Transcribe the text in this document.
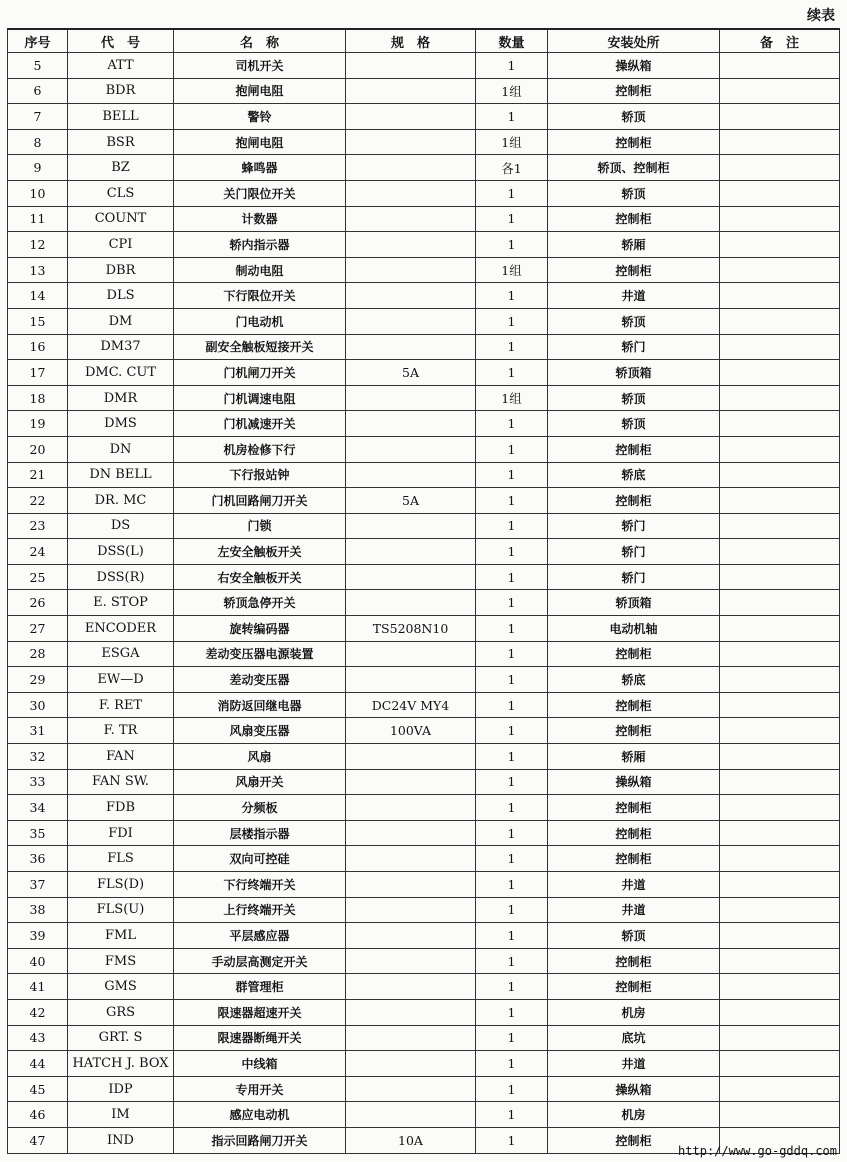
续表
序号	代　号	名　称	规　格	数量	安装处所	备　注
5	ATT	司机开关		1	操纵箱	
6	BDR	抱闸电阻		1组	控制柜	
7	BELL	警铃		1	轿顶	
8	BSR	抱闸电阻		1组	控制柜	
9	BZ	蜂鸣器		各1	轿顶、控制柜	
10	CLS	关门限位开关		1	轿顶	
11	COUNT	计数器		1	控制柜	
12	CPI	轿内指示器		1	轿厢	
13	DBR	制动电阻		1组	控制柜	
14	DLS	下行限位开关		1	井道	
15	DM	门电动机		1	轿顶	
16	DM37	副安全触板短接开关		1	轿门	
17	DMC. CUT	门机闸刀开关	5A	1	轿顶箱	
18	DMR	门机调速电阻		1组	轿顶	
19	DMS	门机减速开关		1	轿顶	
20	DN	机房检修下行		1	控制柜	
21	DN BELL	下行报站钟		1	轿底	
22	DR. MC	门机回路闸刀开关	5A	1	控制柜	
23	DS	门锁		1	轿门	
24	DSS(L)	左安全触板开关		1	轿门	
25	DSS(R)	右安全触板开关		1	轿门	
26	E. STOP	轿顶急停开关		1	轿顶箱	
27	ENCODER	旋转编码器	TS5208N10	1	电动机轴	
28	ESGA	差动变压器电源装置		1	控制柜	
29	EW—D	差动变压器		1	轿底	
30	F. RET	消防返回继电器	DC24V MY4	1	控制柜	
31	F. TR	风扇变压器	100VA	1	控制柜	
32	FAN	风扇		1	轿厢	
33	FAN SW.	风扇开关		1	操纵箱	
34	FDB	分频板		1	控制柜	
35	FDI	层楼指示器		1	控制柜	
36	FLS	双向可控硅		1	控制柜	
37	FLS(D)	下行终端开关		1	井道	
38	FLS(U)	上行终端开关		1	井道	
39	FML	平层感应器		1	轿顶	
40	FMS	手动层高测定开关		1	控制柜	
41	GMS	群管理柜		1	控制柜	
42	GRS	限速器超速开关		1	机房	
43	GRT. S	限速器断绳开关		1	底坑	
44	HATCH J. BOX	中线箱		1	井道	
45	IDP	专用开关		1	操纵箱	
46	IM	感应电动机		1	机房	
47	IND	指示回路闸刀开关	10A	1	控制柜	
http://www.go-gddq.com
